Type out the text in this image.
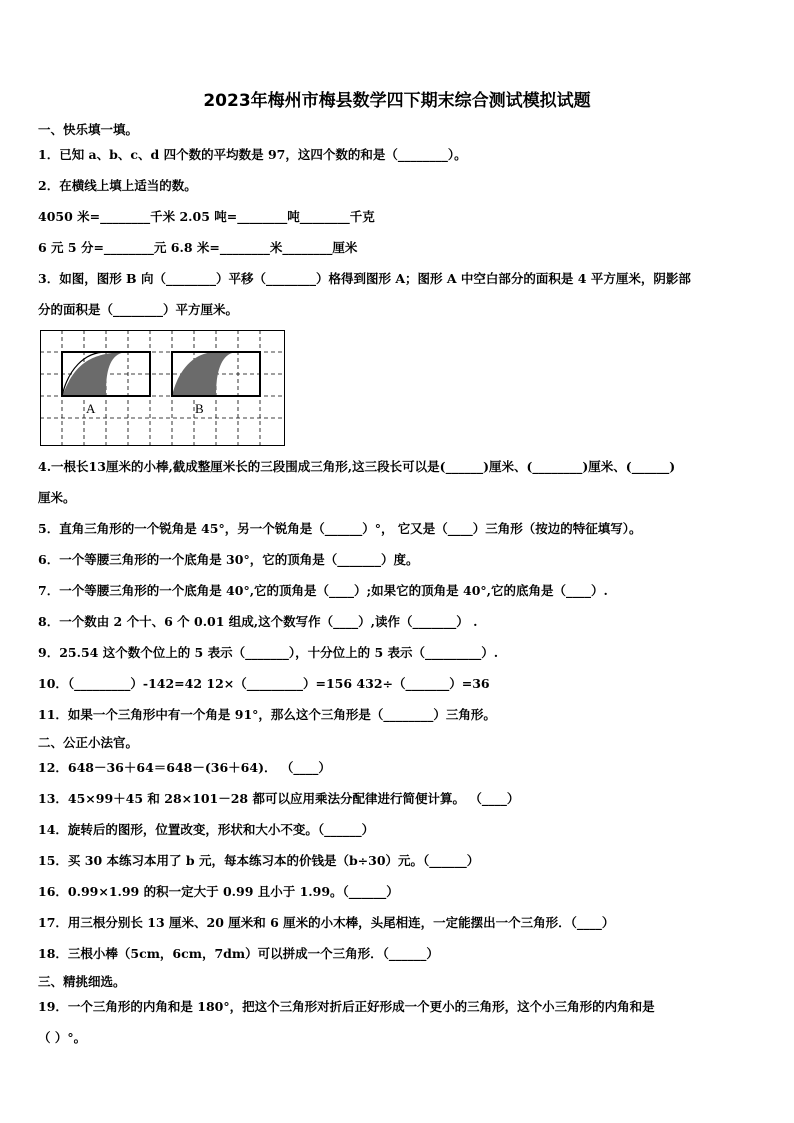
2023年梅州市梅县数学四下期末综合测试模拟试题
一、快乐填一填。
1．已知 a、b、c、d 四个数的平均数是 97，这四个数的和是（________）。
2．在横线上填上适当的数。
4050 米=________千米 2.05 吨=________吨________千克
6 元 5 分=________元 6.8 米=________米________厘米
3．如图，图形 B 向（________）平移（________）格得到图形 A；图形 A 中空白部分的面积是 4 平方厘米，阴影部
分的面积是（________）平方厘米。
A	B
4.一根长13厘米的小棒,截成整厘米长的三段围成三角形,这三段长可以是(______)厘米、(________)厘米、(______)
厘米。
5．直角三角形的一个锐角是 45°，另一个锐角是（______）°， 它又是（____）三角形（按边的特征填写）。
6．一个等腰三角形的一个底角是 30°，它的顶角是（_______）度。
7．一个等腰三角形的一个底角是 40°,它的顶角是（____）;如果它的顶角是 40°,它的底角是（____）.
8．一个数由 2 个十、6 个 0.01 组成,这个数写作（____）,读作（_______） .
9．25.54 这个数个位上的 5 表示（_______），十分位上的 5 表示（_________）.
10．（_________）-142=42 12×（_________）=156 432÷（_______）=36
11．如果一个三角形中有一个角是 91°，那么这个三角形是（________）三角形。
二、公正小法官。
12．648－36＋64＝648－(36＋64)． （____）
13．45×99＋45 和 28×101－28 都可以应用乘法分配律进行简便计算。 （____）
14．旋转后的图形，位置改变，形状和大小不变。（______）
15．买 30 本练习本用了 b 元，每本练习本的价钱是（b÷30）元。（______）
16．0.99×1.99 的积一定大于 0.99 且小于 1.99。（______）
17．用三根分别长 13 厘米、20 厘米和 6 厘米的小木棒，头尾相连，一定能摆出一个三角形．（____）
18．三根小棒（5cm，6cm，7dm）可以拼成一个三角形．（______）
三、精挑细选。
19．一个三角形的内角和是 180°，把这个三角形对折后正好形成一个更小的三角形，这个小三角形的内角和是
（ ）°。
